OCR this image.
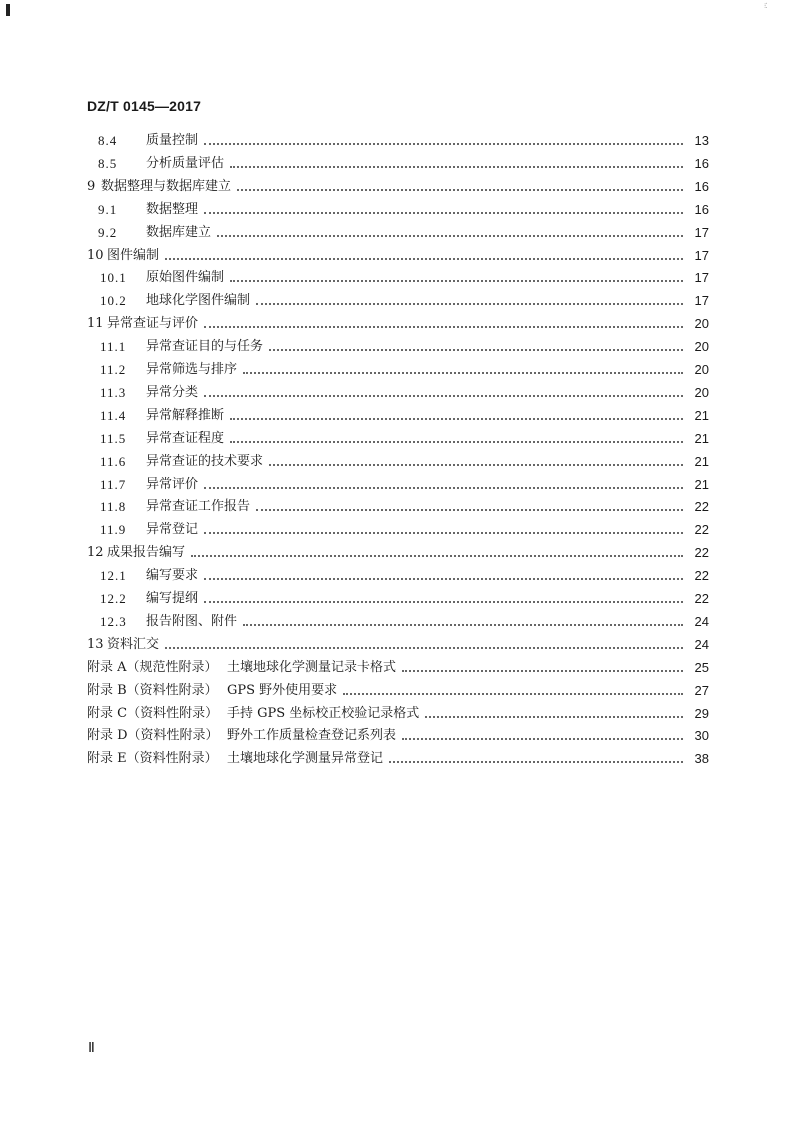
⁝⁚
DZ/T 0145—2017
8.4	质量控制	13
8.5	分析质量评估	16
9 数据整理与数据库建立	16
9.1	数据整理	16
9.2	数据库建立	17
10 图件编制	17
10.1	原始图件编制	17
10.2	地球化学图件编制	17
11 异常查证与评价	20
11.1	异常查证目的与任务	20
11.2	异常筛选与排序	20
11.3	异常分类	20
11.4	异常解释推断	21
11.5	异常查证程度	21
11.6	异常查证的技术要求	21
11.7	异常评价	21
11.8	异常查证工作报告	22
11.9	异常登记	22
12 成果报告编写	22
12.1	编写要求	22
12.2	编写提纲	22
12.3	报告附图、附件	24
13 资料汇交	24
附录 A（规范性附录） 土壤地球化学测量记录卡格式	25
附录 B（资料性附录） GPS 野外使用要求	27
附录 C（资料性附录） 手持 GPS 坐标校正校验记录格式	29
附录 D（资料性附录） 野外工作质量检查登记系列表	30
附录 E（资料性附录） 土壤地球化学测量异常登记	38
Ⅱ
